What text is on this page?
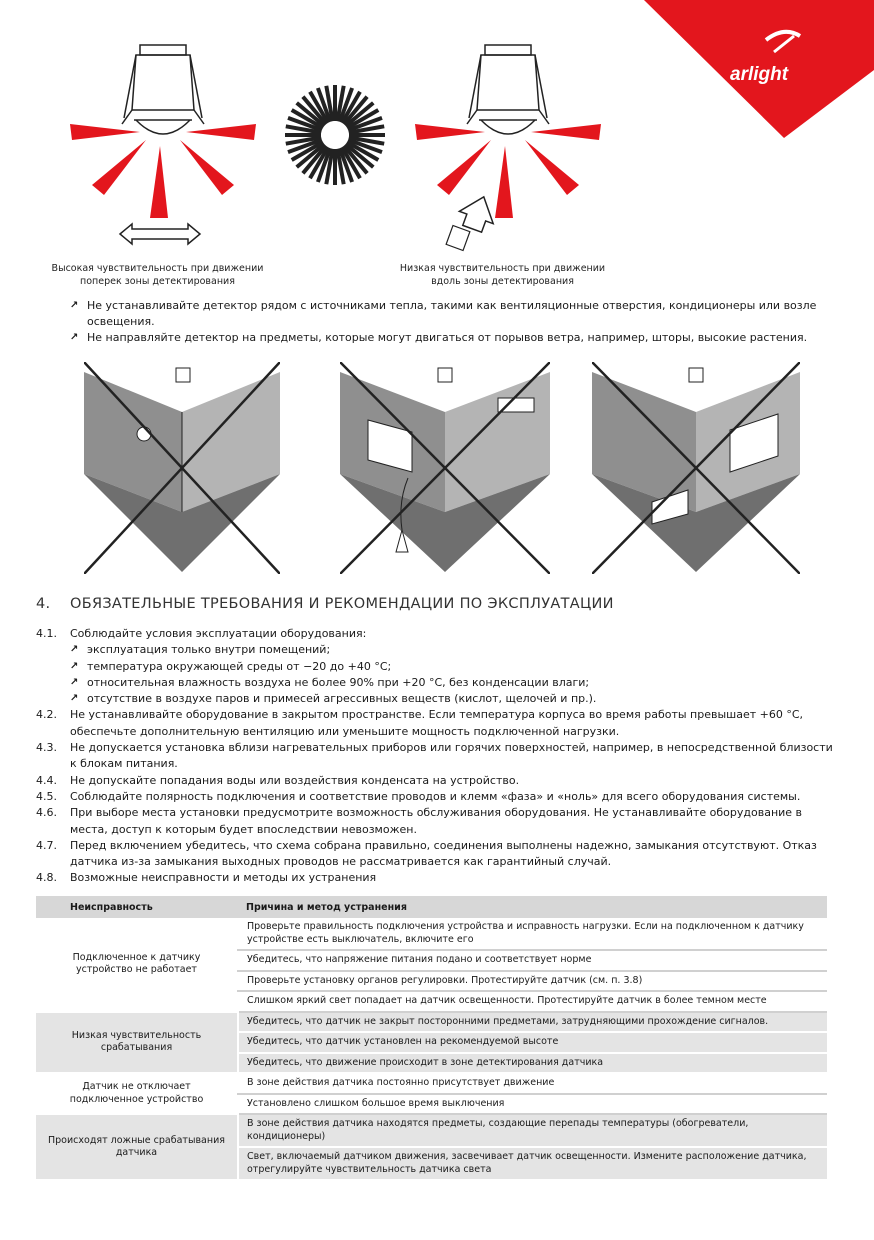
arlight
Высокая чувствительность при движении
поперек зоны детектирования
Низкая чувствительность при движении
вдоль зоны детектирования
↗ Не устанавливайте детектор рядом с источниками тепла, такими как вентиляционные отверстия, кондиционеры или возле освещения.
↗ Не направляйте детектор на предметы, которые могут двигаться от порывов ветра, например, шторы, высокие растения.
4. ОБЯЗАТЕЛЬНЫЕ ТРЕБОВАНИЯ И РЕКОМЕНДАЦИИ ПО ЭКСПЛУАТАЦИИ
4.1.	Соблюдайте условия эксплуатации оборудования:
↗ эксплуатация только внутри помещений;
↗ температура окружающей среды от −20 до +40 °C;
↗ относительная влажность воздуха не более 90% при +20 °C, без конденсации влаги;
↗ отсутствие в воздухе паров и примесей агрессивных веществ (кислот, щелочей и пр.).
4.2.	Не устанавливайте оборудование в закрытом пространстве. Если температура корпуса во время работы превышает +60 °C, обеспечьте дополнительную вентиляцию или уменьшите мощность подключенной нагрузки.
4.3.	Не допускается установка вблизи нагревательных приборов или горячих поверхностей, например, в непосредственной близости к блокам питания.
4.4.	Не допускайте попадания воды или воздействия конденсата на устройство.
4.5.	Соблюдайте полярность подключения и соответствие проводов и клемм «фаза» и «ноль» для всего оборудования системы.
4.6.	При выборе места установки предусмотрите возможность обслуживания оборудования. Не устанавливайте оборудование в места, доступ к которым будет впоследствии невозможен.
4.7.	Перед включением убедитесь, что схема собрана правильно, соединения выполнены надежно, замыкания отсутствуют. Отказ датчика из-за замыкания выходных проводов не рассматривается как гарантийный случай.
4.8.	Возможные неисправности и методы их устранения
Неисправность	Причина и метод устранения
Подключенное к датчику устройство не работает	Проверьте правильность подключения устройства и исправность нагрузки. Если на подключенном к датчику устройстве есть выключатель, включите его
	Убедитесь, что напряжение питания подано и соответствует норме
	Проверьте установку органов регулировки. Протестируйте датчик (см. п. 3.8)
	Слишком яркий свет попадает на датчик освещенности. Протестируйте датчик в более темном месте
Низкая чувствительность срабатывания	Убедитесь, что датчик не закрыт посторонними предметами, затрудняющими прохождение сигналов.
	Убедитесь, что датчик установлен на рекомендуемой высоте
	Убедитесь, что движение происходит в зоне детектирования датчика
Датчик не отключает подключенное устройство	В зоне действия датчика постоянно присутствует движение
	Установлено слишком большое время выключения
Происходят ложные срабатывания датчика	В зоне действия датчика находятся предметы, создающие перепады температуры (обогреватели, кондиционеры)
	Свет, включаемый датчиком движения, засвечивает датчик освещенности. Измените расположение датчика, отрегулируйте чувствительность датчика света
